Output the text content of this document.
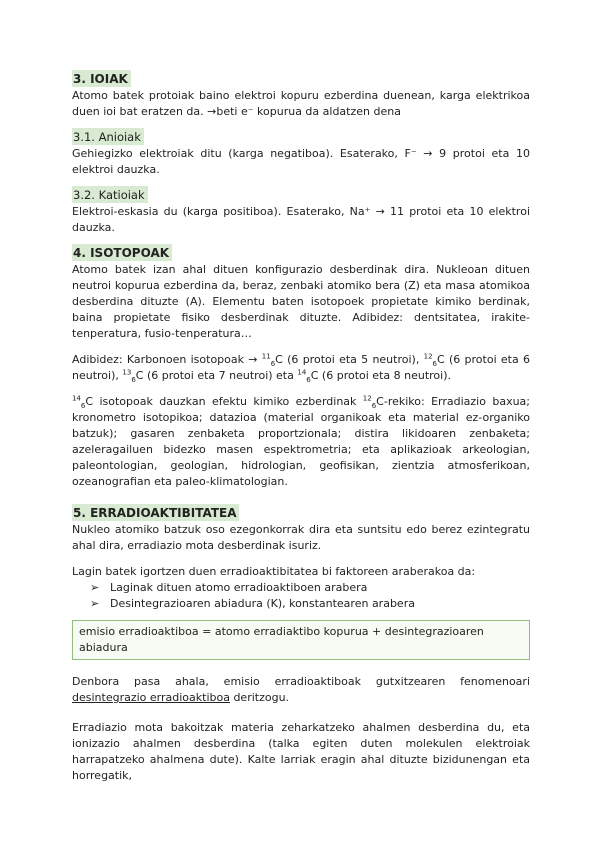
3. IOIAK

Atomo batek protoiak baino elektroi kopuru ezberdina duenean, karga elektrikoa duen ioi bat eratzen da. →beti e⁻ kopurua da aldatzen dena

3.1. Anioiak

Gehiegizko elektroiak ditu (karga negatiboa). Esaterako, F⁻ → 9 protoi eta 10 elektroi dauzka.

3.2. Katioiak

Elektroi-eskasia du (karga positiboa). Esaterako, Na⁺ → 11 protoi eta 10 elektroi dauzka.

4. ISOTOPOAK

Atomo batek izan ahal dituen konfigurazio desberdinak dira. Nukleoan dituen neutroi kopurua ezberdina da, beraz, zenbaki atomiko bera (Z) eta masa atomikoa desberdina dituzte (A). Elementu baten isotopoek propietate kimiko berdinak, baina propietate fisiko desberdinak dituzte. Adibidez: dentsitatea, irakite-tenperatura, fusio-tenperatura…

Adibidez: Karbonoen isotopoak → $^{11}_6$C (6 protoi eta 5 neutroi), $^{12}_6$C (6 protoi eta 6 neutroi), $^{13}_6$C (6 protoi eta 7 neutroi) eta $^{14}_6$C (6 protoi eta 8 neutroi).

$^{14}_6$C isotopoak dauzkan efektu kimiko ezberdinak $^{12}_6$C-rekiko: Erradiazio baxua; kronometro isotopikoa; datazioa (material organikoak eta material ez-organiko batzuk); gasaren zenbaketa proportzionala; distira likidoaren zenbaketa; azeleragailuen bidezko masen espektrometria; eta aplikazioak arkeologian, paleontologian, geologian, hidrologian, geofisikan, zientzia atmosferikoan, ozeanografian eta paleo-klimatologian.

5. ERRADIOAKTIBITATEA

Nukleo atomiko batzuk oso ezegonkorrak dira eta suntsitu edo berez ezintegratu ahal dira, erradiazio mota desberdinak isuriz.

Lagin batek igortzen duen erradioaktibitatea bi faktoreen araberakoa da:

➢ Laginak dituen atomo erradioaktiboen arabera
➢ Desintegrazioaren abiadura (K), konstantearen arabera
emisio erradioaktiboa = atomo erradiaktibo kopurua + desintegrazioaren abiadura

Denbora pasa ahala, emisio erradioaktiboak gutxitzearen fenomenoari desintegrazio erradioaktiboa deritzogu.

Erradiazio mota bakoitzak materia zeharkatzeko ahalmen desberdina du, eta ionizazio ahalmen desberdina (talka egiten duten molekulen elektroiak harrapatzeko ahalmena dute). Kalte larriak eragin ahal dituzte bizidunengan eta horregatik,
